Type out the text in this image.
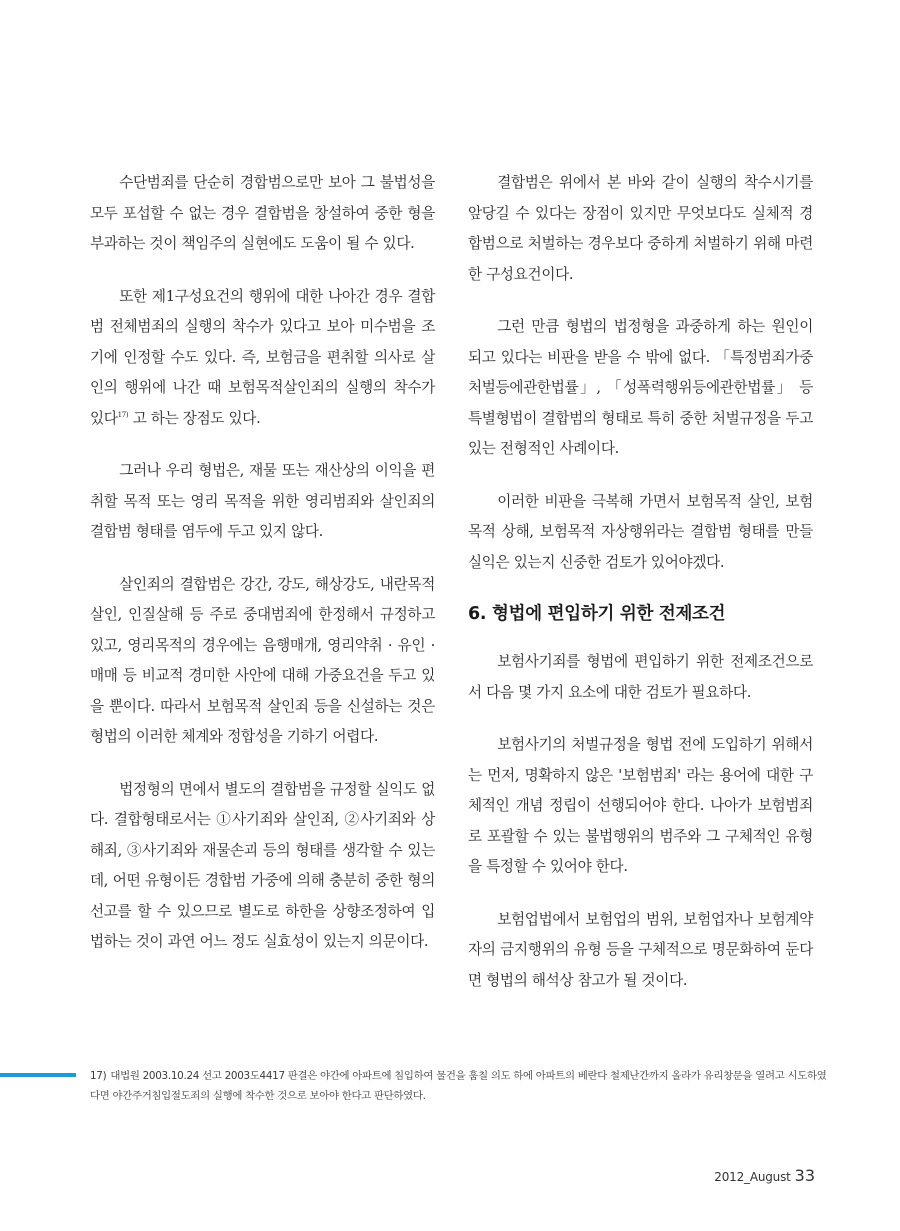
수단범죄를 단순히 경합범으로만 보아 그 불법성을 모두 포섭할 수 없는 경우 결합범을 창설하여 중한 형을 부과하는 것이 책임주의 실현에도 도움이 될 수 있다.

또한 제1구성요건의 행위에 대한 나아간 경우 결합범 전체범죄의 실행의 착수가 있다고 보아 미수범을 조기에 인정할 수도 있다. 즉, 보험금을 편취할 의사로 살인의 행위에 나간 때 보험목적살인죄의 실행의 착수가 있다$^{17)}$ 고 하는 장점도 있다.

그러나 우리 형법은, 재물 또는 재산상의 이익을 편취할 목적 또는 영리 목적을 위한 영리범죄와 살인죄의 결합범 형태를 염두에 두고 있지 않다.

살인죄의 결합범은 강간, 강도, 해상강도, 내란목적 살인, 인질살해 등 주로 중대범죄에 한정해서 규정하고 있고, 영리목적의 경우에는 음행매개, 영리약취 · 유인 · 매매 등 비교적 경미한 사안에 대해 가중요건을 두고 있을 뿐이다. 따라서 보험목적 살인죄 등을 신설하는 것은 형법의 이러한 체계와 정합성을 기하기 어렵다.

법정형의 면에서 별도의 결합범을 규정할 실익도 없다. 결합형태로서는 ①사기죄와 살인죄, ②사기죄와 상해죄, ③사기죄와 재물손괴 등의 형태를 생각할 수 있는데, 어떤 유형이든 경합범 가중에 의해 충분히 중한 형의 선고를 할 수 있으므로 별도로 하한을 상향조정하여 입법하는 것이 과연 어느 정도 실효성이 있는지 의문이다.

결합범은 위에서 본 바와 같이 실행의 착수시기를 앞당길 수 있다는 장점이 있지만 무엇보다도 실체적 경합범으로 처벌하는 경우보다 중하게 처벌하기 위해 마련한 구성요건이다.

그런 만큼 형법의 법정형을 과중하게 하는 원인이 되고 있다는 비판을 받을 수 밖에 없다. 「특정범죄가중처벌등에관한법률」, 「성폭력행위등에관한법률」 등 특별형법이 결합범의 형태로 특히 중한 처벌규정을 두고 있는 전형적인 사례이다.

이러한 비판을 극복해 가면서 보험목적 살인, 보험목적 상해, 보험목적 자상행위라는 결합범 형태를 만들 실익은 있는지 신중한 검토가 있어야겠다.

6. 형법에 편입하기 위한 전제조건

보험사기죄를 형법에 편입하기 위한 전제조건으로서 다음 몇 가지 요소에 대한 검토가 필요하다.

보험사기의 처벌규정을 형법 전에 도입하기 위해서는 먼저, 명확하지 않은 '보험범죄' 라는 용어에 대한 구체적인 개념 정립이 선행되어야 한다. 나아가 보험범죄로 포괄할 수 있는 불법행위의 범주와 그 구체적인 유형을 특정할 수 있어야 한다.

보험업법에서 보험업의 범위, 보험업자나 보험계약자의 금지행위의 유형 등을 구체적으로 명문화하여 둔다면 형법의 해석상 참고가 될 것이다.

17) 대법원 2003.10.24 선고 2003도4417 판결은 야간에 아파트에 침입하여 물건을 훔칠 의도 하에 아파트의 베란다 철제난간까지 올라가 유리창문을 열려고 시도하였다면 야간주거침입절도죄의 실행에 착수한 것으로 보아야 한다고 판단하였다.
2012_August 33
